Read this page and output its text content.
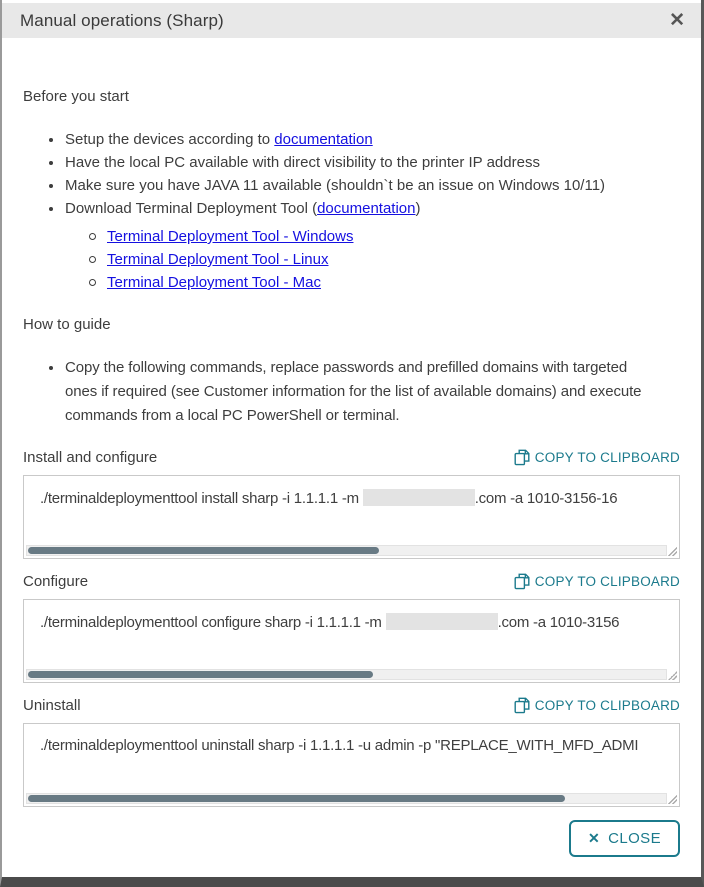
Manual operations (Sharp)	✕
Before you start
Setup the devices according to documentation
Have the local PC available with direct visibility to the printer IP address
Make sure you have JAVA 11 available (shouldn`t be an issue on Windows 10/11)
Download Terminal Deployment Tool (documentation)
Terminal Deployment Tool - Windows
Terminal Deployment Tool - Linux
Terminal Deployment Tool - Mac
How to guide
Copy the following commands, replace passwords and prefilled domains with targeted
ones if required (see Customer information for the list of available domains) and execute
commands from a local PC PowerShell or terminal.
Install and configure	COPY TO CLIPBOARD
./terminaldeploymenttool install sharp -i 1.1.1.1 -m	.com -a 1010-3156-16
Configure	COPY TO CLIPBOARD
./terminaldeploymenttool configure sharp -i 1.1.1.1 -m	.com -a 1010-3156
Uninstall	COPY TO CLIPBOARD
./terminaldeploymenttool uninstall sharp -i 1.1.1.1 -u admin -p "REPLACE_WITH_MFD_ADMI
✕ CLOSE
